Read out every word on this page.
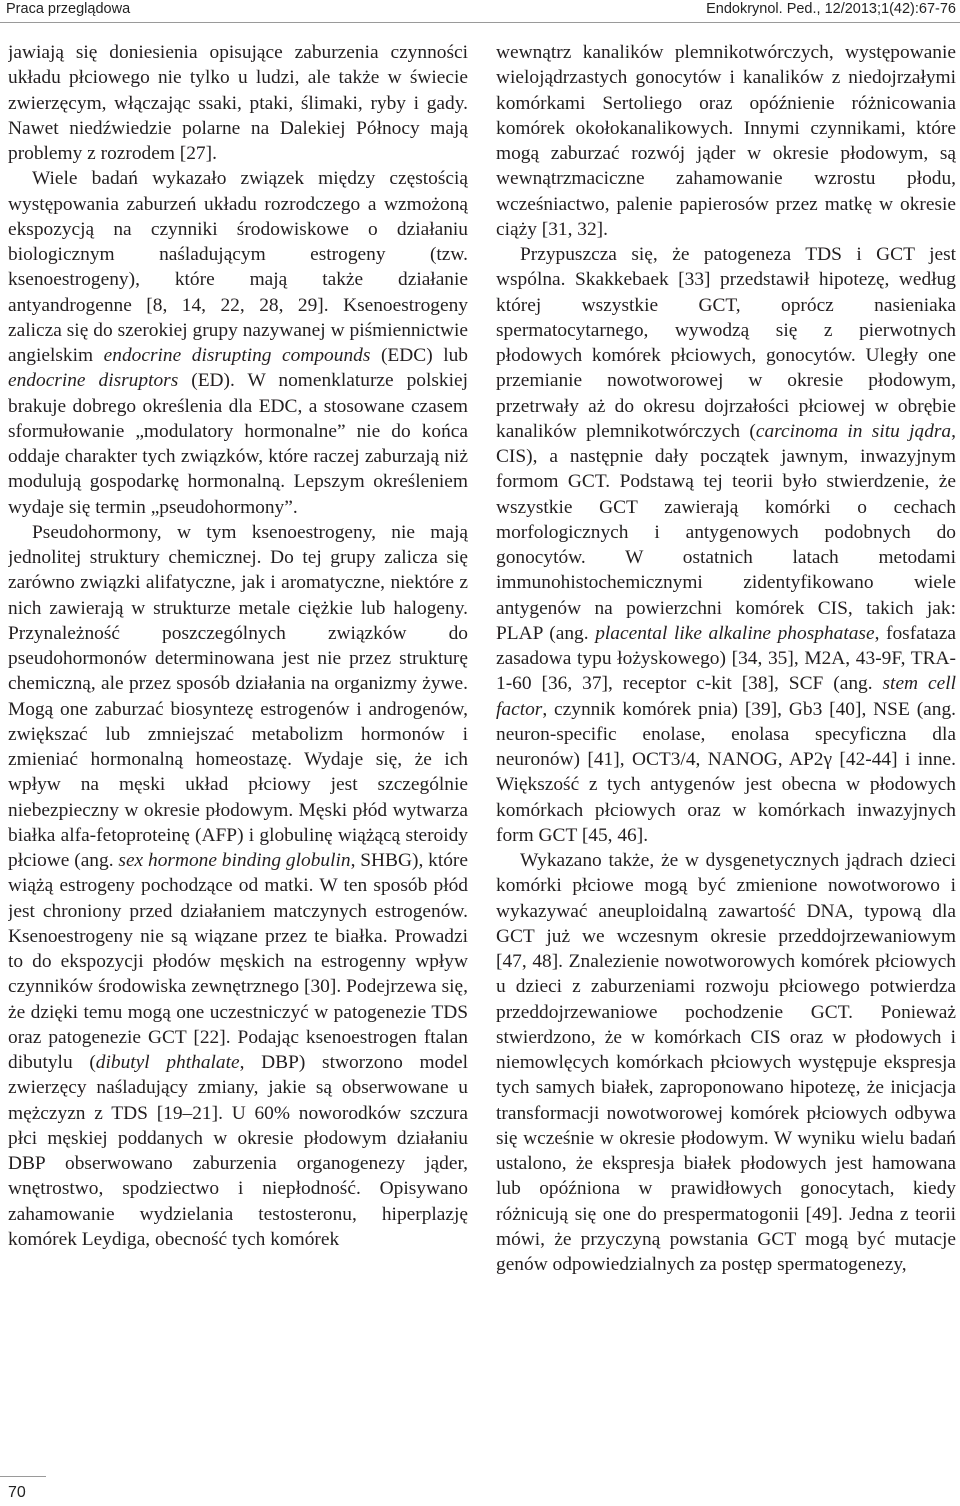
Praca przeglądowa	Endokrynol. Ped., 12/2013;1(42):67-76

jawiają się doniesienia opisujące zaburzenia czynności układu płciowego nie tylko u ludzi, ale także w świecie zwierzęcym, włączając ssaki, ptaki, ślimaki, ryby i gady. Nawet niedźwiedzie polarne na Dalekiej Północy mają problemy z rozrodem [27].

Wiele badań wykazało związek między częstością występowania zaburzeń układu rozrodczego a wzmożoną ekspozycją na czynniki środowiskowe o działaniu biologicznym naśladującym estrogeny (tzw. ksenoestrogeny), które mają także działanie antyandrogenne [8, 14, 22, 28, 29]. Ksenoestrogeny zalicza się do szerokiej grupy nazywanej w piśmiennictwie angielskim endocrine disrupting compounds (EDC) lub endocrine disruptors (ED). W nomenklaturze polskiej brakuje dobrego określenia dla EDC, a stosowane czasem sformułowanie „modulatory hormonalne” nie do końca oddaje charakter tych związków, które raczej zaburzają niż modulują gospodarkę hormonalną. Lepszym określeniem wydaje się termin „pseudohormony”.

Pseudohormony, w tym ksenoestrogeny, nie mają jednolitej struktury chemicznej. Do tej grupy zalicza się zarówno związki alifatyczne, jak i aromatyczne, niektóre z nich zawierają w strukturze metale ciężkie lub halogeny. Przynależność poszczególnych związków do pseudohormonów determinowana jest nie przez strukturę chemiczną, ale przez sposób działania na organizmy żywe. Mogą one zaburzać biosyntezę estrogenów i androgenów, zwiększać lub zmniejszać metabolizm hormonów i zmieniać hormonalną homeostazę. Wydaje się, że ich wpływ na męski układ płciowy jest szczególnie niebezpieczny w okresie płodowym. Męski płód wytwarza białka alfa-fetoproteinę (AFP) i globulinę wiążącą steroidy płciowe (ang. sex hormone binding globulin, SHBG), które wiążą estrogeny pochodzące od matki. W ten sposób płód jest chroniony przed działaniem matczynych estrogenów. Ksenoestrogeny nie są wiązane przez te białka. Prowadzi to do ekspozycji płodów męskich na estrogenny wpływ czynników środowiska zewnętrznego [30]. Podejrzewa się, że dzięki temu mogą one uczestniczyć w patogenezie TDS oraz patogenezie GCT [22]. Podając ksenoestrogen ftalan dibutylu (dibutyl phthalate, DBP) stworzono model zwierzęcy naśladujący zmiany, jakie są obserwowane u mężczyzn z TDS [19–21]. U 60% noworodków szczura płci męskiej poddanych w okresie płodowym działaniu DBP obserwowano zaburzenia organogenezy jąder, wnętrostwo, spodziectwo i niepłodność. Opisywano zahamowanie wydzielania testosteronu, hiperplazję komórek Leydiga, obecność tych komórek

wewnątrz kanalików plemnikotwórczych, występowanie wielojądrzastych gonocytów i kanalików z niedojrzałymi komórkami Sertoliego oraz opóźnienie różnicowania komórek okołokanalikowych. Innymi czynnikami, które mogą zaburzać rozwój jąder w okresie płodowym, są wewnątrzmaciczne zahamowanie wzrostu płodu, wcześniactwo, palenie papierosów przez matkę w okresie ciąży [31, 32].

Przypuszcza się, że patogeneza TDS i GCT jest wspólna. Skakkebaek [33] przedstawił hipotezę, według której wszystkie GCT, oprócz nasieniaka spermatocytarnego, wywodzą się z pierwotnych płodowych komórek płciowych, gonocytów. Uległy one przemianie nowotworowej w okresie płodowym, przetrwały aż do okresu dojrzałości płciowej w obrębie kanalików plemnikotwórczych (carcinoma in situ jądra, CIS), a następnie dały początek jawnym, inwazyjnym formom GCT. Podstawą tej teorii było stwierdzenie, że wszystkie GCT zawierają komórki o cechach morfologicznych i antygenowych podobnych do gonocytów. W ostatnich latach metodami immunohistochemicznymi zidentyfikowano wiele antygenów na powierzchni komórek CIS, takich jak: PLAP (ang. placental like alkaline phosphatase, fosfataza zasadowa typu łożyskowego) [34, 35], M2A, 43-9F, TRA-1-60 [36, 37], receptor c-kit [38], SCF (ang. stem cell factor, czynnik komórek pnia) [39], Gb3 [40], NSE (ang. neuron-specific enolase, enolasa specyficzna dla neuronów) [41], OCT3/4, NANOG, AP2γ [42-44] i inne. Większość z tych antygenów jest obecna w płodowych komórkach płciowych oraz w komórkach inwazyjnych form GCT [45, 46].

Wykazano także, że w dysgenetycznych jądrach dzieci komórki płciowe mogą być zmienione nowotworowo i wykazywać aneuploidalną zawartość DNA, typową dla GCT już we wczesnym okresie przeddojrzewaniowym [47, 48]. Znalezienie nowotworowych komórek płciowych u dzieci z zaburzeniami rozwoju płciowego potwierdza przeddojrzewaniowe pochodzenie GCT. Ponieważ stwierdzono, że w komórkach CIS oraz w płodowych i niemowlęcych komórkach płciowych występuje ekspresja tych samych białek, zaproponowano hipotezę, że inicjacja transformacji nowotworowej komórek płciowych odbywa się wcześnie w okresie płodowym. W wyniku wielu badań ustalono, że ekspresja białek płodowych jest hamowana lub opóźniona w prawidłowych gonocytach, kiedy różnicują się one do prespermatogonii [49]. Jedna z teorii mówi, że przyczyną powstania GCT mogą być mutacje genów odpowiedzialnych za postęp spermatogenezy,

70
